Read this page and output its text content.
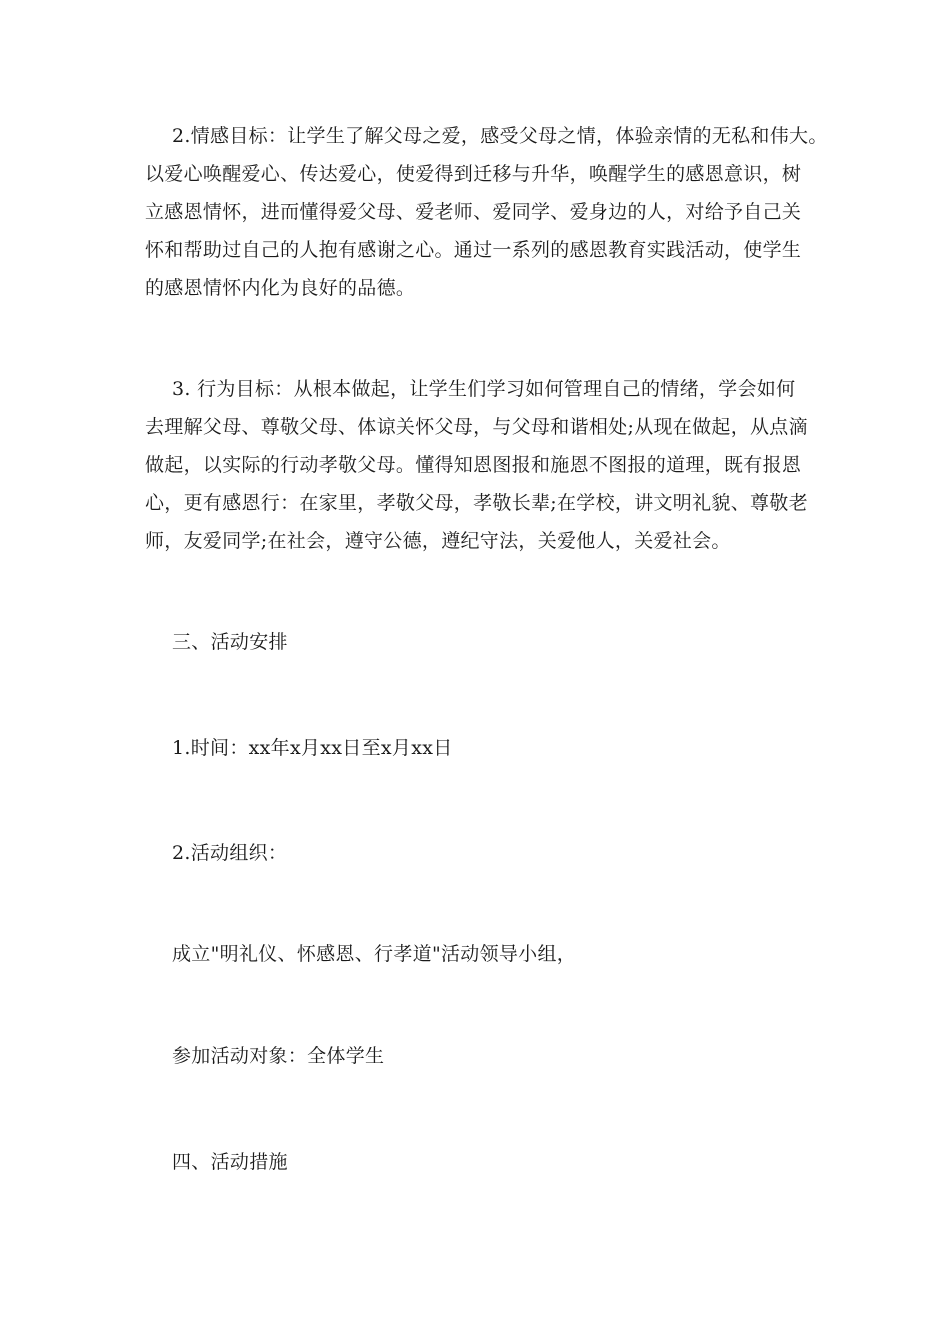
2.情感目标：让学生了解父母之爱，感受父母之情，体验亲情的无私和伟大。
以爱心唤醒爱心、传达爱心，使爱得到迁移与升华，唤醒学生的感恩意识，树
立感恩情怀，进而懂得爱父母、爱老师、爱同学、爱身边的人，对给予自己关
怀和帮助过自己的人抱有感谢之心。通过一系列的感恩教育实践活动，使学生
的感恩情怀内化为良好的品德。
3. 行为目标：从根本做起，让学生们学习如何管理自己的情绪，学会如何
去理解父母、尊敬父母、体谅关怀父母，与父母和谐相处;从现在做起，从点滴
做起，以实际的行动孝敬父母。懂得知恩图报和施恩不图报的道理，既有报恩
心，更有感恩行：在家里，孝敬父母，孝敬长辈;在学校，讲文明礼貌、尊敬老
师，友爱同学;在社会，遵守公德，遵纪守法，关爱他人，关爱社会。
三、活动安排
1.时间：xx年x月xx日至x月xx日
2.活动组织：
成立"明礼仪、怀感恩、行孝道"活动领导小组，
参加活动对象：全体学生
四、活动措施
